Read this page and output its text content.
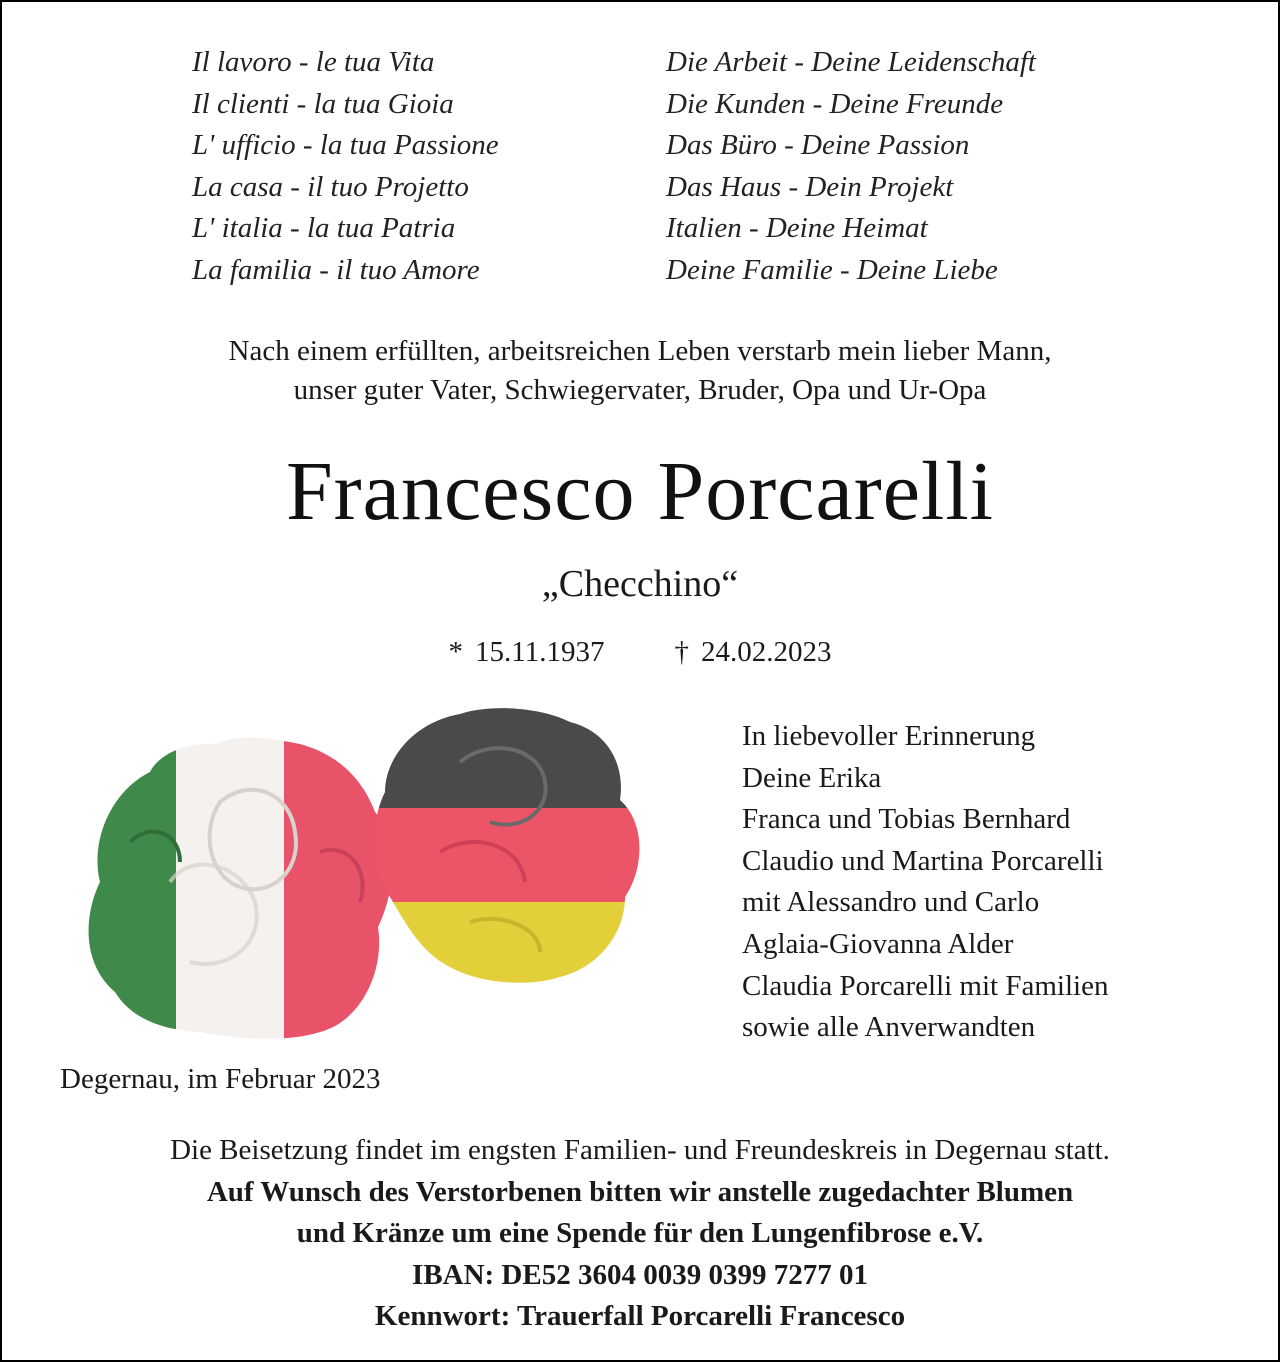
Il lavoro - le tua Vita	Die Arbeit - Deine Leidenschaft
Il clienti - la tua Gioia	Die Kunden - Deine Freunde
L' ufficio - la tua Passione	Das Büro - Deine Passion
La casa - il tuo Projetto	Das Haus - Dein Projekt
L' italia - la tua Patria	Italien - Deine Heimat
La familia - il tuo Amore	Deine Familie - Deine Liebe
Nach einem erfüllten, arbeitsreichen Leben verstarb mein lieber Mann,
unser guter Vater, Schwiegervater, Bruder, Opa und Ur-Opa
Francesco Porcarelli
„Checchino“
* 15.11.1937 † 24.02.2023
In liebevoller Erinnerung
Deine Erika
Franca und Tobias Bernhard
Claudio und Martina Porcarelli
mit Alessandro und Carlo
Aglaia-Giovanna Alder
Claudia Porcarelli mit Familien
sowie alle Anverwandten
Degernau, im Februar 2023
Die Beisetzung findet im engsten Familien- und Freundeskreis in Degernau statt.
Auf Wunsch des Verstorbenen bitten wir anstelle zugedachter Blumen
und Kränze um eine Spende für den Lungenfibrose e.V.
IBAN: DE52 3604 0039 0399 7277 01
Kennwort: Trauerfall Porcarelli Francesco
